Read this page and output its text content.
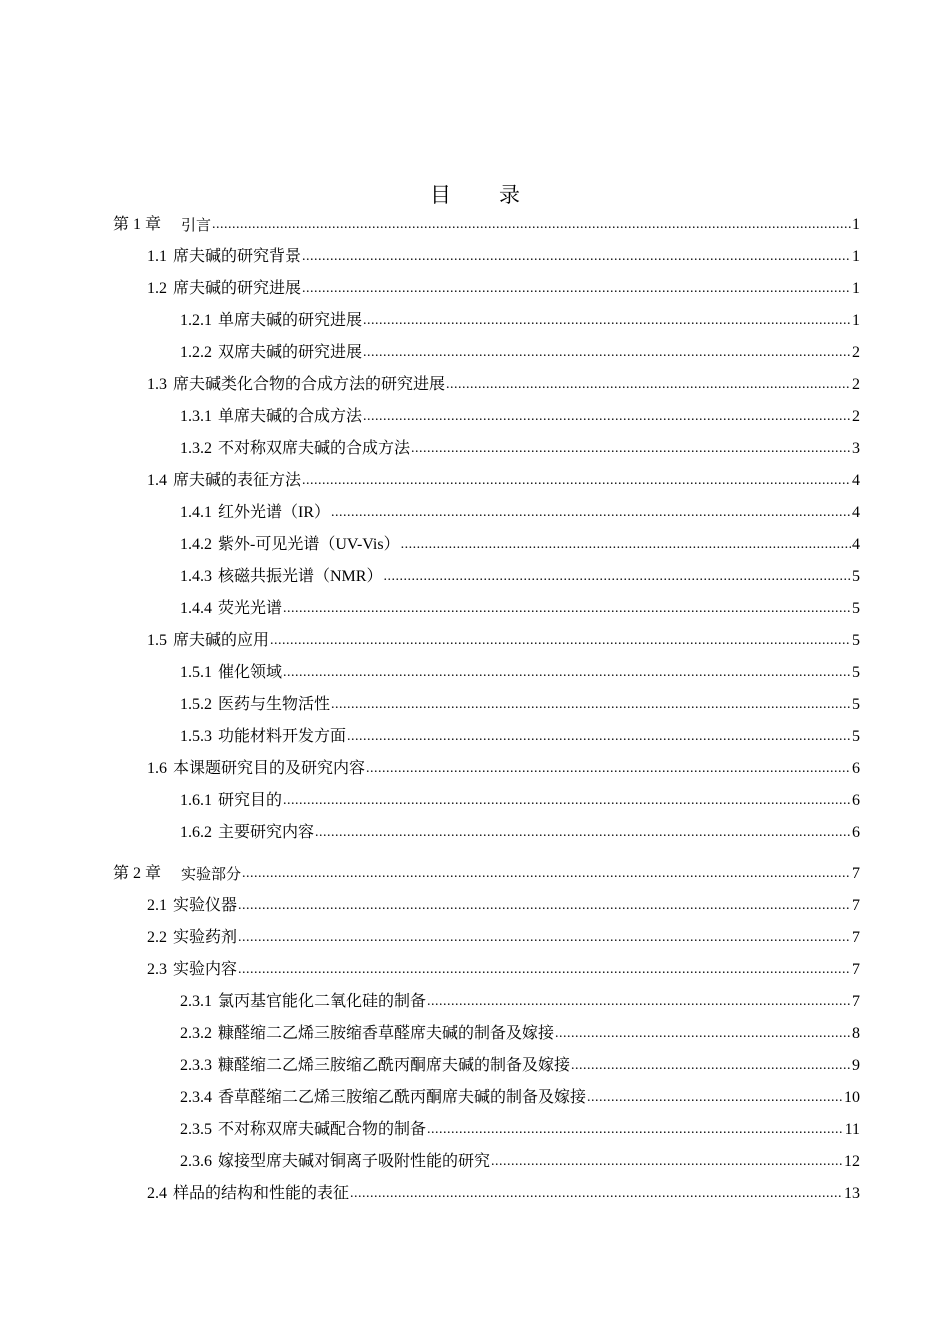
目录
第 1 章 引言 .....	1
1.1 席夫碱的研究背景 .....	1
1.2 席夫碱的研究进展 .....	1
1.2.1 单席夫碱的研究进展 .....	1
1.2.2 双席夫碱的研究进展 .....	2
1.3 席夫碱类化合物的合成方法的研究进展 .....	2
1.3.1 单席夫碱的合成方法 .....	2
1.3.2 不对称双席夫碱的合成方法 .....	3
1.4 席夫碱的表征方法 .....	4
1.4.1 红外光谱（IR） .....	4
1.4.2 紫外-可见光谱（UV-Vis） .....	4
1.4.3 核磁共振光谱（NMR） .....	5
1.4.4 荧光光谱 .....	5
1.5 席夫碱的应用 .....	5
1.5.1 催化领域 .....	5
1.5.2 医药与生物活性 .....	5
1.5.3 功能材料开发方面 .....	5
1.6 本课题研究目的及研究内容 .....	6
1.6.1 研究目的 .....	6
1.6.2 主要研究内容 .....	6
第 2 章 实验部分 .....	7
2.1 实验仪器 .....	7
2.2 实验药剂 .....	7
2.3 实验内容 .....	7
2.3.1 氯丙基官能化二氧化硅的制备 .....	7
2.3.2 糠醛缩二乙烯三胺缩香草醛席夫碱的制备及嫁接 .....	8
2.3.3 糠醛缩二乙烯三胺缩乙酰丙酮席夫碱的制备及嫁接 .....	9
2.3.4 香草醛缩二乙烯三胺缩乙酰丙酮席夫碱的制备及嫁接 .....	10
2.3.5 不对称双席夫碱配合物的制备 .....	11
2.3.6 嫁接型席夫碱对铜离子吸附性能的研究 .....	12
2.4 样品的结构和性能的表征 .....	13
